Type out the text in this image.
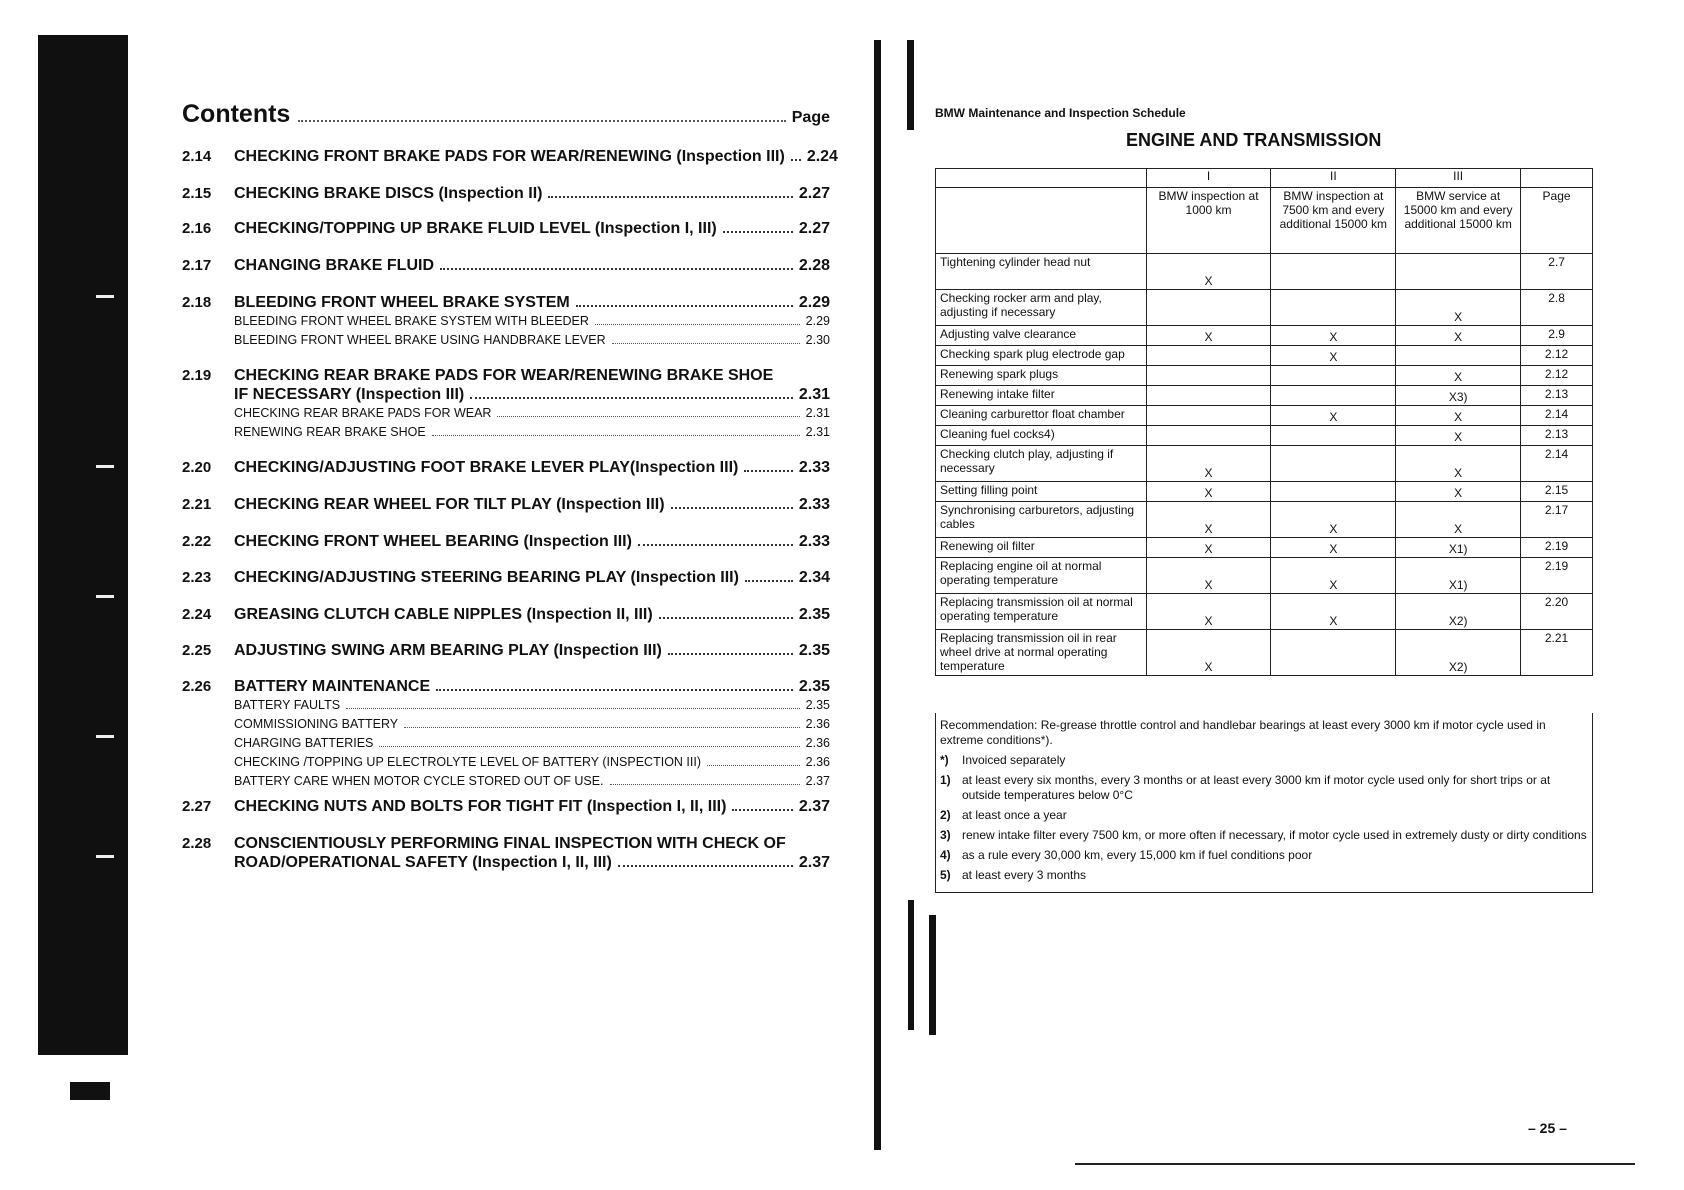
Contents	Page
2.14	CHECKING FRONT BRAKE PADS FOR WEAR/RENEWING (Inspection III) 2.24
2.15	CHECKING BRAKE DISCS (Inspection II)	2.27
2.16	CHECKING/TOPPING UP BRAKE FLUID LEVEL (Inspection I, III)	2.27
2.17	CHANGING BRAKE FLUID	2.28
2.18	BLEEDING FRONT WHEEL BRAKE SYSTEM	2.29
BLEEDING FRONT WHEEL BRAKE SYSTEM WITH BLEEDER	2.29
BLEEDING FRONT WHEEL BRAKE USING HANDBRAKE LEVER	2.30
2.19	CHECKING REAR BRAKE PADS FOR WEAR/RENEWING BRAKE SHOE
IF NECESSARY (Inspection III)	2.31
CHECKING REAR BRAKE PADS FOR WEAR	2.31
RENEWING REAR BRAKE SHOE	2.31
2.20	CHECKING/ADJUSTING FOOT BRAKE LEVER PLAY(Inspection III)	2.33
2.21	CHECKING REAR WHEEL FOR TILT PLAY (Inspection III)	2.33
2.22	CHECKING FRONT WHEEL BEARING (Inspection III)	2.33
2.23	CHECKING/ADJUSTING STEERING BEARING PLAY (Inspection III)	2.34
2.24	GREASING CLUTCH CABLE NIPPLES (Inspection II, III)	2.35
2.25	ADJUSTING SWING ARM BEARING PLAY (Inspection III)	2.35
2.26	BATTERY MAINTENANCE	2.35
BATTERY FAULTS	2.35
COMMISSIONING BATTERY	2.36
CHARGING BATTERIES	2.36
CHECKING /TOPPING UP ELECTROLYTE LEVEL OF BATTERY (INSPECTION III)	2.36
BATTERY CARE WHEN MOTOR CYCLE STORED OUT OF USE.	2.37
2.27	CHECKING NUTS AND BOLTS FOR TIGHT FIT (Inspection I, II, III)	2.37
2.28	CONSCIENTIOUSLY PERFORMING FINAL INSPECTION WITH CHECK OF
ROAD/OPERATIONAL SAFETY (Inspection I, II, III)	2.37
BMW Maintenance and Inspection Schedule
ENGINE AND TRANSMISSION
	I	II	III	
	BMW inspection at 1000 km	BMW inspection at 7500 km and every additional 15000 km	BMW service at 15000 km and every additional 15000 km	Page
Tightening cylinder head nut	X			2.7
Checking rocker arm and play, adjusting if necessary			X	2.8
Adjusting valve clearance	X	X	X	2.9
Checking spark plug electrode gap		X		2.12
Renewing spark plugs			X	2.12
Renewing intake filter			X3)	2.13
Cleaning carburettor float chamber		X	X	2.14
Cleaning fuel cocks4)			X	2.13
Checking clutch play, adjusting if necessary	X		X	2.14
Setting filling point	X		X	2.15
Synchronising carburetors, adjusting cables	X	X	X	2.17
Renewing oil filter	X	X	X1)	2.19
Replacing engine oil at normal operating temperature	X	X	X1)	2.19
Replacing transmission oil at normal operating temperature	X	X	X2)	2.20
Replacing transmission oil in rear wheel drive at normal operating temperature	X		X2)	2.21
Recommendation: Re-grease throttle control and handlebar bearings at least every 3000 km if motor cycle used in extreme conditions*).
*)	Invoiced separately
1) at least every six months, every 3 months or at least every 3000 km if motor cycle used only for short trips or at outside temperatures below 0°C
2) at least once a year
3) renew intake filter every 7500 km, or more often if necessary, if motor cycle used in extremely dusty or dirty conditions
4) as a rule every 30,000 km, every 15,000 km if fuel conditions poor
5) at least every 3 months
– 25 –
